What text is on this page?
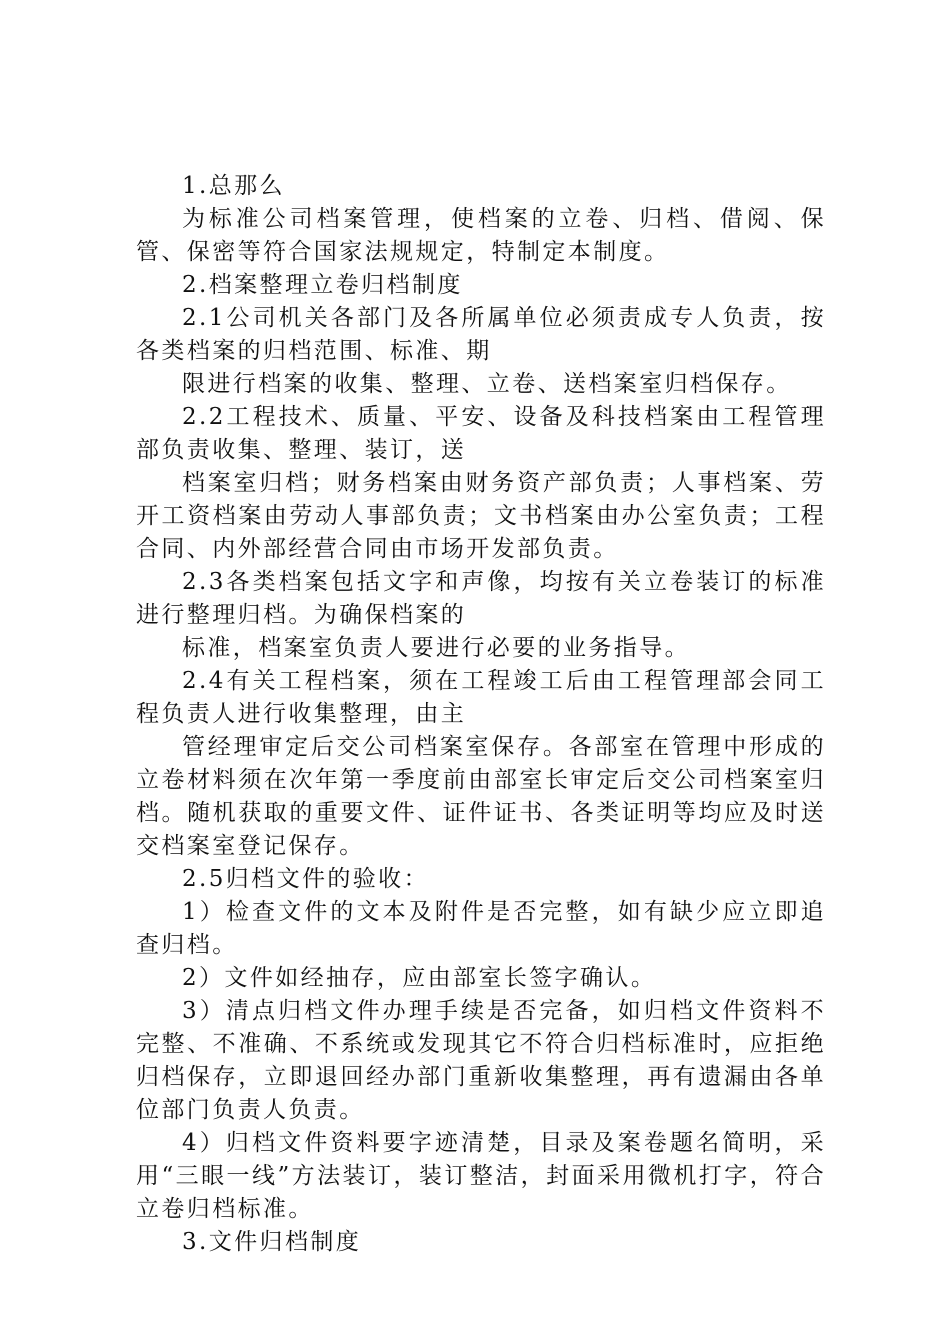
1.总那么

为标准公司档案管理，使档案的立卷、归档、借阅、保管、保密等符合国家法规规定，特制定本制度。

2.档案整理立卷归档制度

2.1公司机关各部门及各所属单位必须责成专人负责，按各类档案的归档范围、标准、期

限进行档案的收集、整理、立卷、送档案室归档保存。

2.2工程技术、质量、平安、设备及科技档案由工程管理部负责收集、整理、装订，送

档案室归档；财务档案由财务资产部负责；人事档案、劳开工资档案由劳动人事部负责；文书档案由办公室负责；工程合同、内外部经营合同由市场开发部负责。

2.3各类档案包括文字和声像，均按有关立卷装订的标准进行整理归档。为确保档案的

标准，档案室负责人要进行必要的业务指导。

2.4有关工程档案，须在工程竣工后由工程管理部会同工程负责人进行收集整理，由主

管经理审定后交公司档案室保存。各部室在管理中形成的立卷材料须在次年第一季度前由部室长审定后交公司档案室归档。随机获取的重要文件、证件证书、各类证明等均应及时送交档案室登记保存。

2.5归档文件的验收：

1）检查文件的文本及附件是否完整，如有缺少应立即追查归档。

2）文件如经抽存，应由部室长签字确认。

3）清点归档文件办理手续是否完备，如归档文件资料不完整、不准确、不系统或发现其它不符合归档标准时，应拒绝归档保存，立即退回经办部门重新收集整理，再有遗漏由各单位部门负责人负责。

4）归档文件资料要字迹清楚，目录及案卷题名简明，采用“三眼一线”方法装订，装订整洁，封面采用微机打字，符合立卷归档标准。

3.文件归档制度
